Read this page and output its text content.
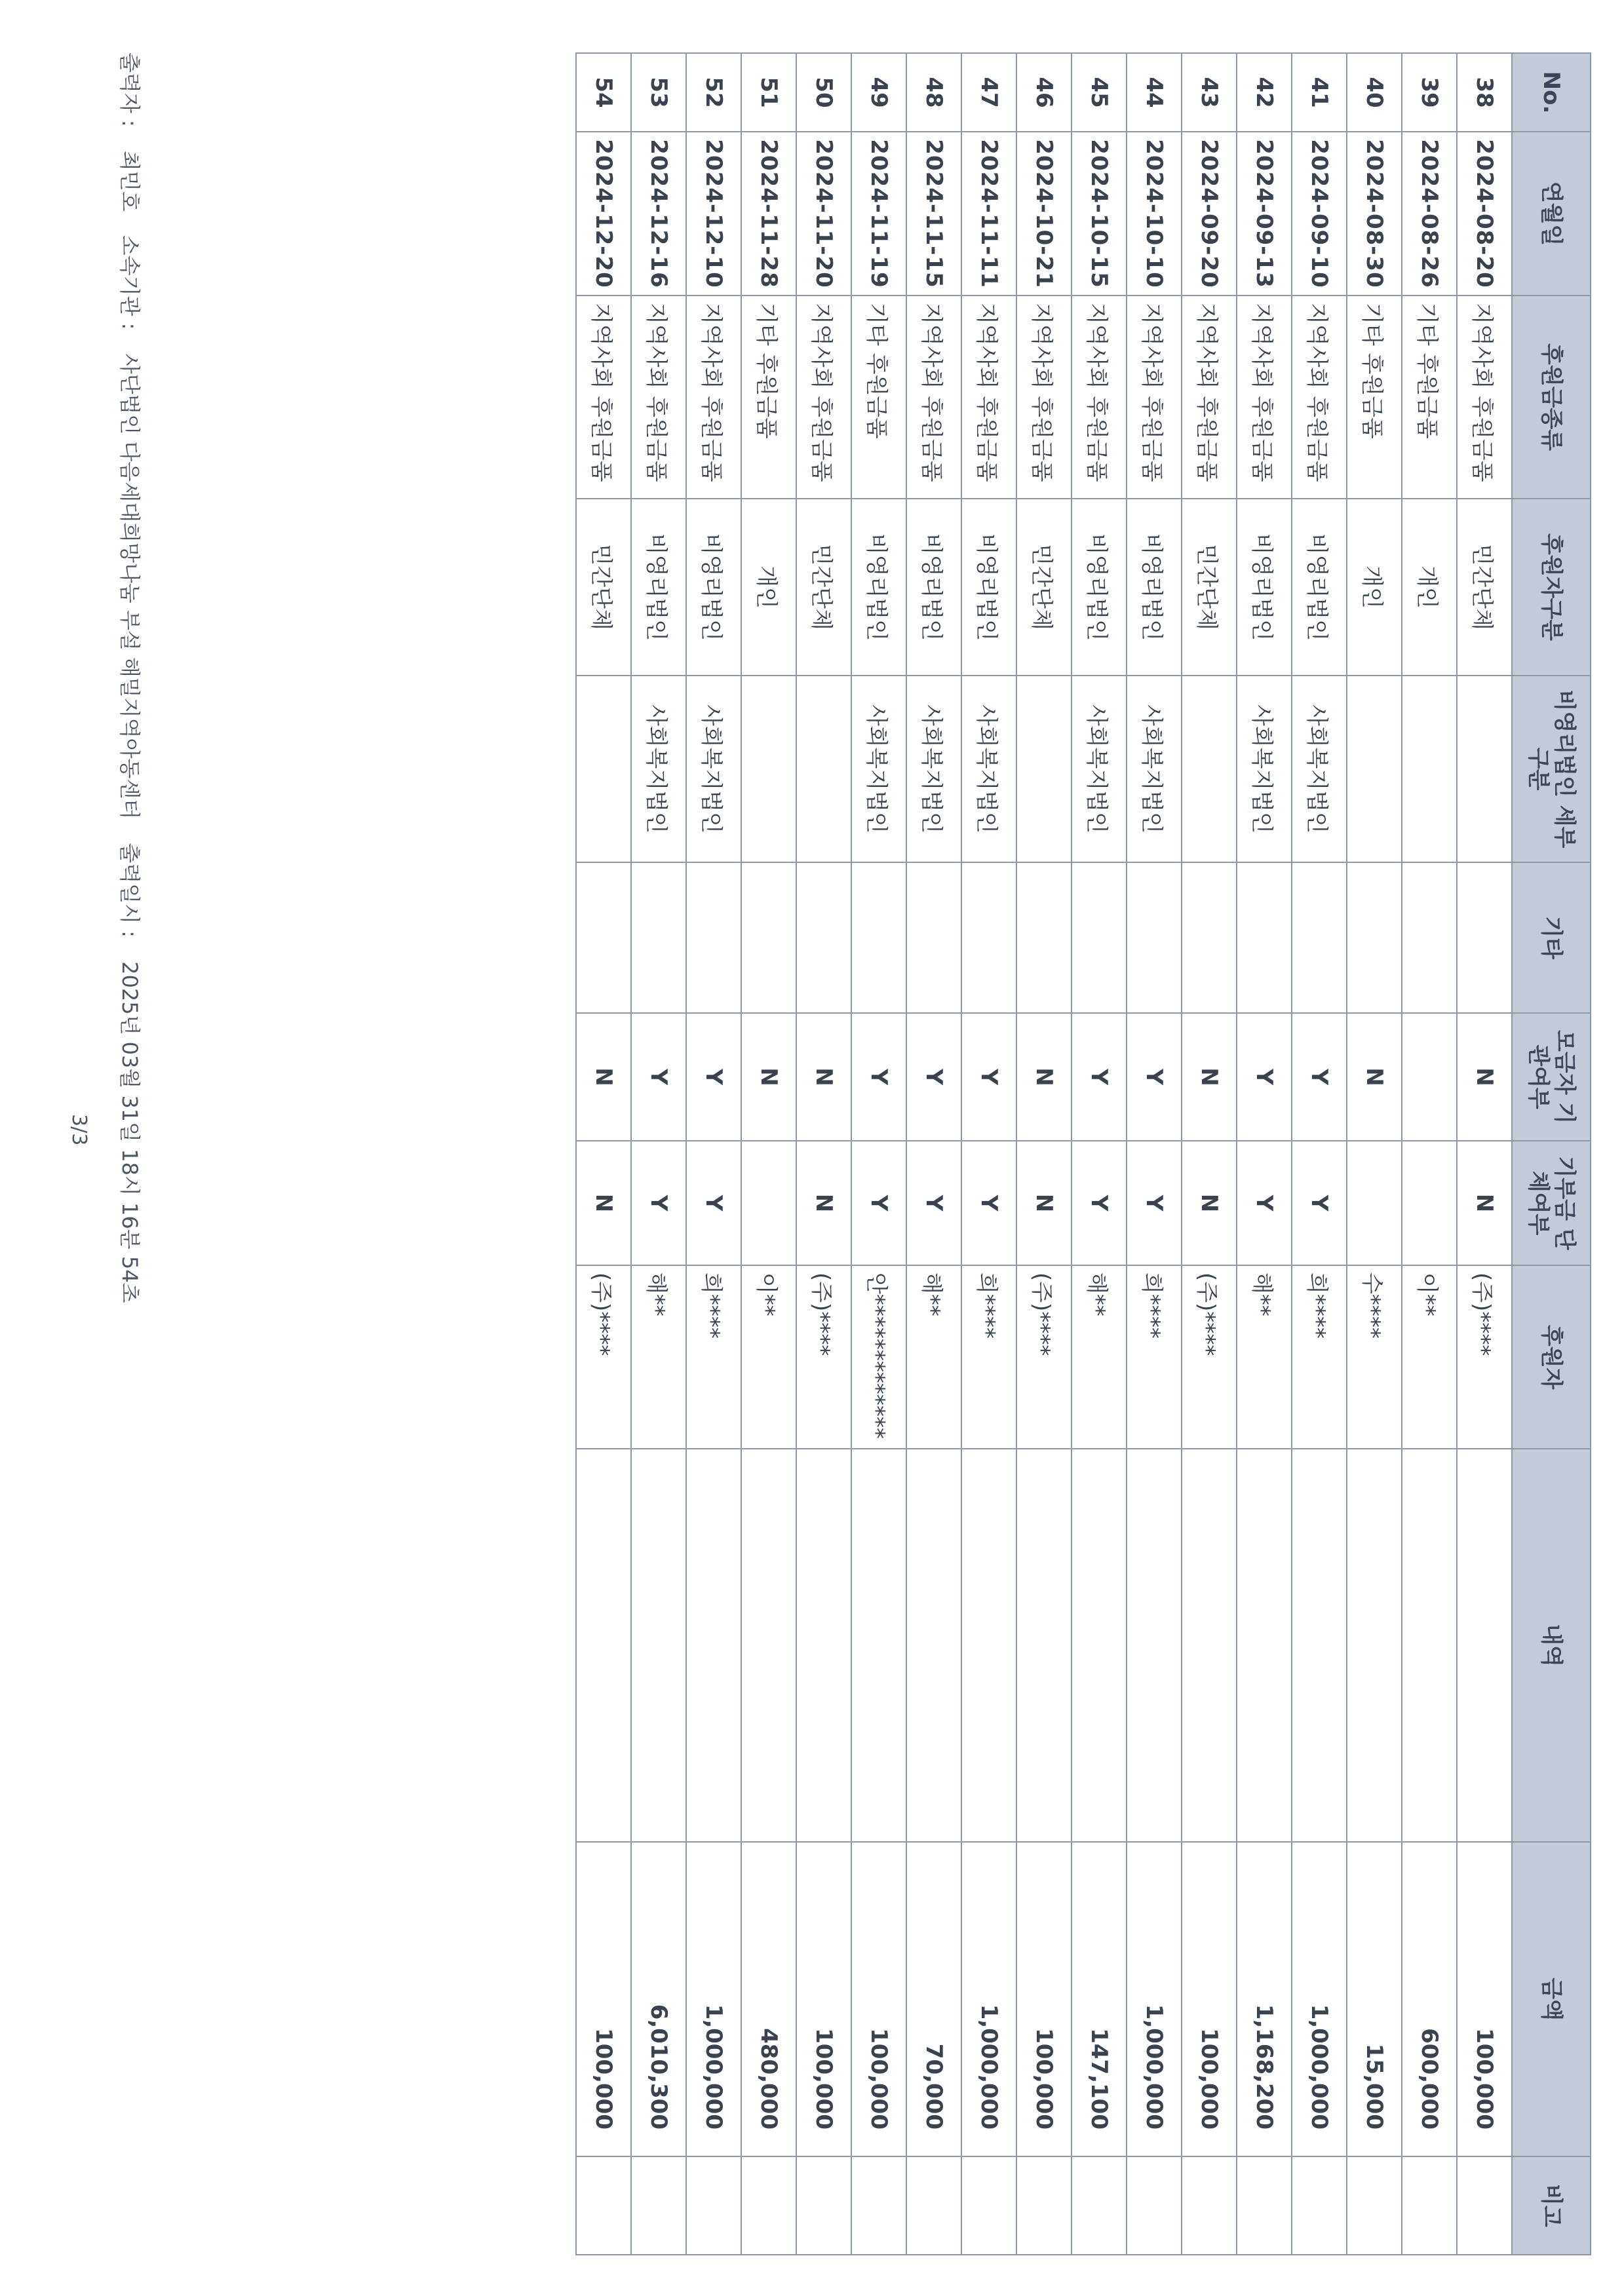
No.	연월일	후원금종류	후원자구분	비영리법인 세부구분	기타	모금자 기관여부	기부금 단체여부	후원자	내역	금액	비고
38	2024-08-20	지역사회 후원금품	민간단체			N	N	(주)****		100,000	
39	2024-08-26	기타 후원금품	개인					이**		600,000	
40	2024-08-30	기타 후원금품	개인			N		수****		15,000	
41	2024-09-10	지역사회 후원금품	비영리법인	사회복지법인		Y	Y	희****		1,000,000	
42	2024-09-13	지역사회 후원금품	비영리법인	사회복지법인		Y	Y	해**		1,168,200	
43	2024-09-20	지역사회 후원금품	민간단체			N	N	(주)****		100,000	
44	2024-10-10	지역사회 후원금품	비영리법인	사회복지법인		Y	Y	희****		1,000,000	
45	2024-10-15	지역사회 후원금품	비영리법인	사회복지법인		Y	Y	해**		147,100	
46	2024-10-21	지역사회 후원금품	민간단체			N	N	(주)****		100,000	
47	2024-11-11	지역사회 후원금품	비영리법인	사회복지법인		Y	Y	희****		1,000,000	
48	2024-11-15	지역사회 후원금품	비영리법인	사회복지법인		Y	Y	해**		70,000	
49	2024-11-19	기타 후원금품	비영리법인	사회복지법인		Y	Y	안*************		100,000	
50	2024-11-20	지역사회 후원금품	민간단체			N	N	(주)****		100,000	
51	2024-11-28	기타 후원금품	개인			N		이**		480,000	
52	2024-12-10	지역사회 후원금품	비영리법인	사회복지법인		Y	Y	희****		1,000,000	
53	2024-12-16	지역사회 후원금품	비영리법인	사회복지법인		Y	Y	해**		6,010,300	
54	2024-12-20	지역사회 후원금품	민간단체			N	N	(주)****		100,000	
출력자 : 최민호 소속기관 : 사단법인 다음세대희망나눔 부설 해밀지역아동센터 출력일시 : 2025년 03월 31일 18시 16분 54초
3/3
